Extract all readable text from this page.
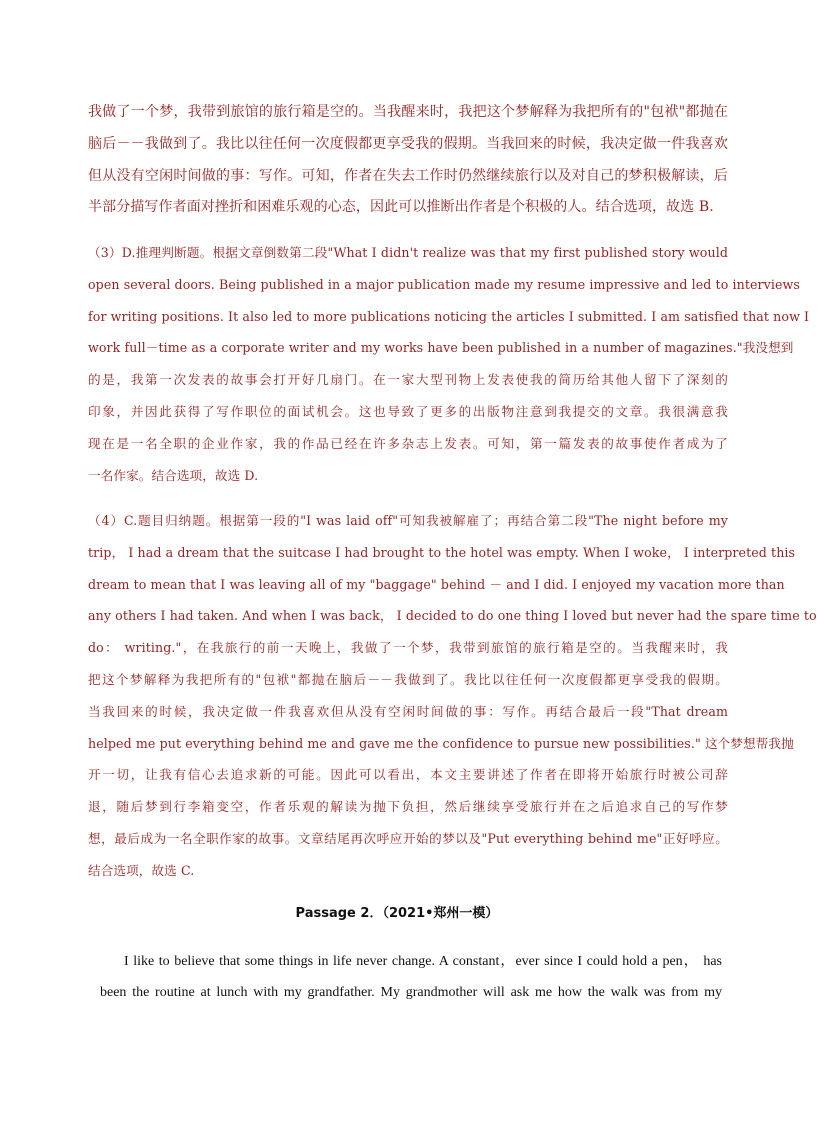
我做了一个梦，我带到旅馆的旅行箱是空的。当我醒来时，我把这个梦解释为我把所有的"包袱"都抛在
脑后－－我做到了。我比以往任何一次度假都更享受我的假期。当我回来的时候，我决定做一件我喜欢
但从没有空闲时间做的事：写作。可知，作者在失去工作时仍然继续旅行以及对自己的梦积极解读，后
半部分描写作者面对挫折和困难乐观的心态，因此可以推断出作者是个积极的人。结合选项，故选 B.
（3）D.推理判断题。根据文章倒数第二段"What I didn't realize was that my first published story would
open several doors. Being published in a major publication made my resume impressive and led to interviews
for writing positions. It also led to more publications noticing the articles I submitted. I am satisfied that now I
work full－time as a corporate writer and my works have been published in a number of magazines."我没想到
的是，我第一次发表的故事会打开好几扇门。在一家大型刊物上发表使我的简历给其他人留下了深刻的
印象，并因此获得了写作职位的面试机会。这也导致了更多的出版物注意到我提交的文章。我很满意我
现在是一名全职的企业作家，我的作品已经在许多杂志上发表。可知，第一篇发表的故事使作者成为了
一名作家。结合选项，故选 D.
（4）C.题目归纳题。根据第一段的"I was laid off"可知我被解雇了；再结合第二段"The night before my
trip， I had a dream that the suitcase I had brought to the hotel was empty. When I woke， I interpreted this
dream to mean that I was leaving all of my "baggage" behind － and I did. I enjoyed my vacation more than
any others I had taken. And when I was back， I decided to do one thing I loved but never had the spare time to
do： writing."，在我旅行的前一天晚上，我做了一个梦，我带到旅馆的旅行箱是空的。当我醒来时，我
把这个梦解释为我把所有的"包袱"都抛在脑后－－我做到了。我比以往任何一次度假都更享受我的假期。
当我回来的时候，我决定做一件我喜欢但从没有空闲时间做的事：写作。再结合最后一段"That dream
helped me put everything behind me and gave me the confidence to pursue new possibilities." 这个梦想帮我抛
开一切，让我有信心去追求新的可能。因此可以看出，本文主要讲述了作者在即将开始旅行时被公司辞
退，随后梦到行李箱变空，作者乐观的解读为抛下负担，然后继续享受旅行并在之后追求自己的写作梦
想，最后成为一名全职作家的故事。文章结尾再次呼应开始的梦以及"Put everything behind me"正好呼应。
结合选项，故选 C.
Passage 2．（2021•郑州一模）
I like to believe that some things in life never change. A constant，ever since I could hold a pen， has
been the routine at lunch with my grandfather. My grandmother will ask me how the walk was from my
